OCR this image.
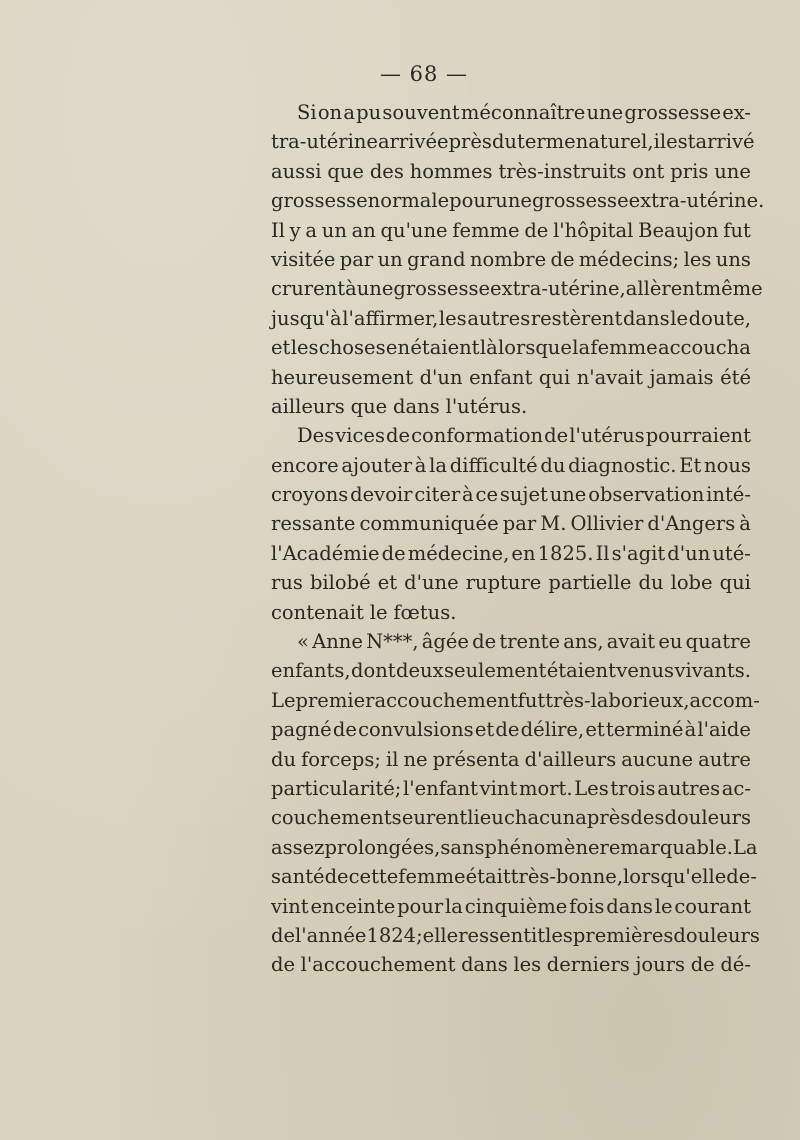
— 68 —
Si on a pu souvent méconnaître une grossesse ex-
tra-utérine arrivée près du terme naturel, il est arrivé
aussi que des hommes très-instruits ont pris une
grossesse normale pour une grossesse extra-utérine.
Il y a un an qu'une femme de l'hôpital Beaujon fut
visitée par un grand nombre de médecins; les uns
crurent à une grossesse extra-utérine, allèrent même
jusqu'à l'affirmer, les autres restèrent dans le doute,
et les choses en étaient là lorsque la femme accoucha
heureusement d'un enfant qui n'avait jamais été
ailleurs que dans l'utérus.
Des vices de conformation de l'utérus pourraient
encore ajouter à la difficulté du diagnostic. Et nous
croyons devoir citer à ce sujet une observation inté-
ressante communiquée par M. Ollivier d'Angers à
l'Académie de médecine, en 1825. Il s'agit d'un uté-
rus bilobé et d'une rupture partielle du lobe qui
contenait le fœtus.
« Anne N***, âgée de trente ans, avait eu quatre
enfants, dont deux seulement étaient venus vivants.
Le premier accouchement fut très-laborieux, accom-
pagné de convulsions et de délire, et terminé à l'aide
du forceps; il ne présenta d'ailleurs aucune autre
particularité; l'enfant vint mort. Les trois autres ac-
couchements eurent lieu chacun après des douleurs
assez prolongées, sans phénomène remarquable. La
santé de cette femme était très-bonne, lorsqu'elle de-
vint enceinte pour la cinquième fois dans le courant
de l'année 1824; elle ressentit les premières douleurs
de l'accouchement dans les derniers jours de dé-
